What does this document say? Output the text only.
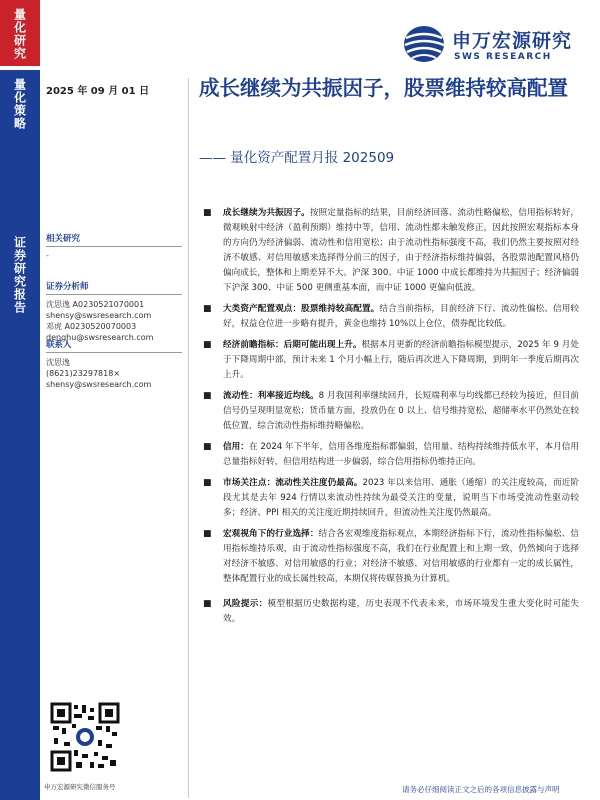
量化研究
量化策略
证券研究报告
申万宏源研究
SWS RESEARCH
2025 年 09 月 01 日 成长继续为共振因子，股票维持较高配置
—— 量化资产配置月报 202509
相关研究
-
证券分析师
沈思逸 A0230521070001
shensy@swsresearch.com
邓虎 A0230520070003
denghu@swsresearch.com
联系人
沈思逸
(8621)23297818×
shensy@swsresearch.com
■ 成长继续为共振因子。按照定量指标的结果，目前经济回落、流动性略偏松，信用指标转好，微观映射中经济（盈利预期）维持中等，信用、流动性都未触发修正，因此按照宏观指标本身的方向仍为经济偏弱、流动性和信用宽松；由于流动性指标强度不高，我们仍然主要按照对经济不敏感、对信用敏感来选择得分前三的因子，由于经济指标维持偏弱，各股票池配置风格仍偏向成长，整体和上期差异不大。沪深 300、中证 1000 中成长都维持为共振因子；经济偏弱下沪深 300、中证 500 更侧重基本面，而中证 1000 更偏向低波。
■ 大类资产配置观点：股票维持较高配置。结合当前指标，目前经济下行、流动性偏松、信用较好，权益仓位进一步略有提升，黄金也维持 10%以上仓位，债券配比较低。
■ 经济前瞻指标：后期可能出现上升。根据本月更新的经济前瞻指标模型提示，2025 年 9 月处于下降周期中部，预计未来 1 个月小幅上行，随后再次进入下降周期，到明年一季度后期再次上升。
■ 流动性：利率接近均线。8 月我国利率继续回升，长短端利率与均线都已经较为接近，但目前信号仍呈现明显宽松；货币量方面，投放仍在 0 以上、信号维持宽松，超储率水平仍然处在较低位置，综合流动性指标维持略偏松。
■ 信用：在 2024 年下半年，信用各维度指标都偏弱，信用量、结构持续维持低水平，本月信用总量指标好转，但信用结构进一步偏弱，综合信用指标仍维持正向。
■ 市场关注点：流动性关注度仍最高。2023 年以来信用、通胀（通缩）的关注度较高，而近阶段尤其是去年 924 行情以来流动性持续为最受关注的变量，说明当下市场受流动性驱动较多；经济、PPI 相关的关注度近期持续回升，但流动性关注度仍然最高。
■ 宏观视角下的行业选择：结合各宏观维度指标观点，本期经济指标下行，流动性指标偏松、信用指标维持乐观，由于流动性指标强度不高，我们在行业配置上和上期一致，仍然倾向于选择对经济不敏感、对信用敏感的行业；对经济不敏感、对信用敏感的行业都有一定的成长属性，整体配置行业的成长属性较高，本期仅将传媒替换为计算机。
■ 风险提示：模型根据历史数据构建，历史表现不代表未来，市场环境发生重大变化时可能失效。
申万宏源研究微信服务号	请务必仔细阅读正文之后的各项信息披露与声明
